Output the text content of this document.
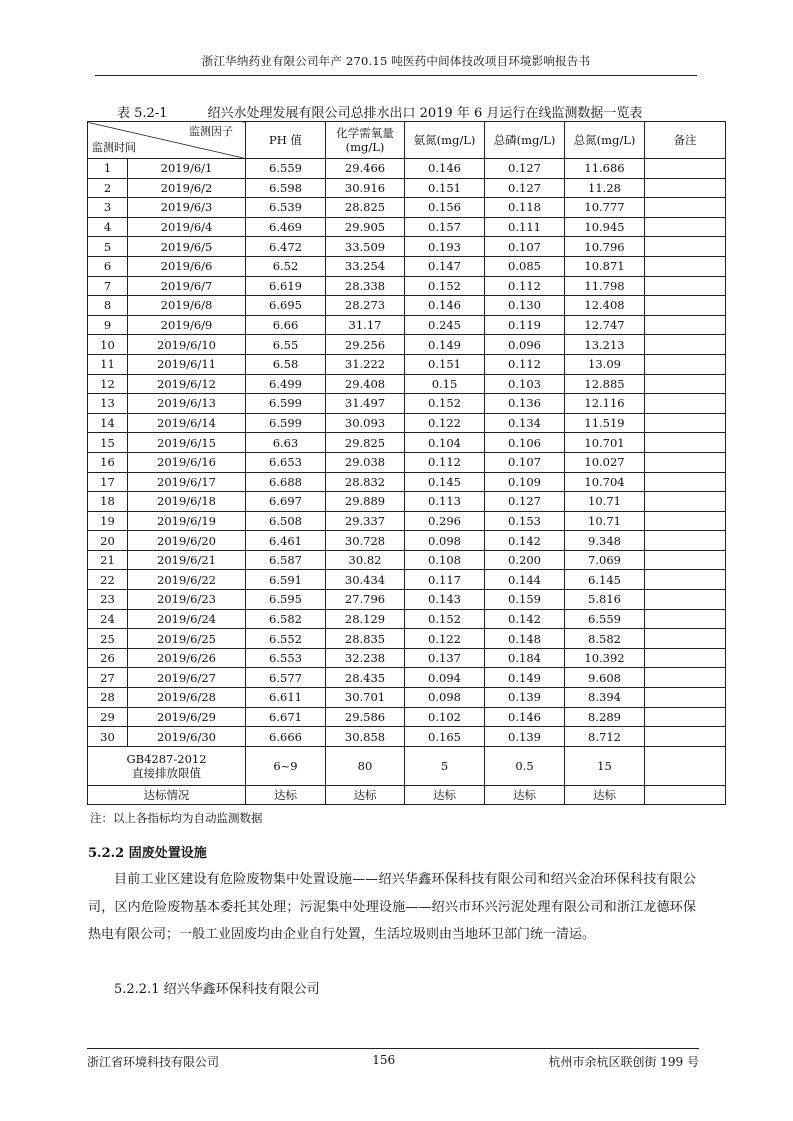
浙江华纳药业有限公司年产 270.15 吨医药中间体技改项目环境影响报告书
表 5.2-1	绍兴水处理发展有限公司总排水出口 2019 年 6 月运行在线监测数据一览表
监测因子
监测时间		PH 值	化学需氧量
(mg/L)	氨氮(mg/L)	总磷(mg/L)	总氮(mg/L)	备注
1	2019/6/1	6.559	29.466	0.146	0.127	11.686	
2	2019/6/2	6.598	30.916	0.151	0.127	11.28	
3	2019/6/3	6.539	28.825	0.156	0.118	10.777	
4	2019/6/4	6.469	29.905	0.157	0.111	10.945	
5	2019/6/5	6.472	33.509	0.193	0.107	10.796	
6	2019/6/6	6.52	33.254	0.147	0.085	10.871	
7	2019/6/7	6.619	28.338	0.152	0.112	11.798	
8	2019/6/8	6.695	28.273	0.146	0.130	12.408	
9	2019/6/9	6.66	31.17	0.245	0.119	12.747	
10	2019/6/10	6.55	29.256	0.149	0.096	13.213	
11	2019/6/11	6.58	31.222	0.151	0.112	13.09	
12	2019/6/12	6.499	29.408	0.15	0.103	12.885	
13	2019/6/13	6.599	31.497	0.152	0.136	12.116	
14	2019/6/14	6.599	30.093	0.122	0.134	11.519	
15	2019/6/15	6.63	29.825	0.104	0.106	10.701	
16	2019/6/16	6.653	29.038	0.112	0.107	10.027	
17	2019/6/17	6.688	28.832	0.145	0.109	10.704	
18	2019/6/18	6.697	29.889	0.113	0.127	10.71	
19	2019/6/19	6.508	29.337	0.296	0.153	10.71	
20	2019/6/20	6.461	30.728	0.098	0.142	9.348	
21	2019/6/21	6.587	30.82	0.108	0.200	7.069	
22	2019/6/22	6.591	30.434	0.117	0.144	6.145	
23	2019/6/23	6.595	27.796	0.143	0.159	5.816	
24	2019/6/24	6.582	28.129	0.152	0.142	6.559	
25	2019/6/25	6.552	28.835	0.122	0.148	8.582	
26	2019/6/26	6.553	32.238	0.137	0.184	10.392	
27	2019/6/27	6.577	28.435	0.094	0.149	9.608	
28	2019/6/28	6.611	30.701	0.098	0.139	8.394	
29	2019/6/29	6.671	29.586	0.102	0.146	8.289	
30	2019/6/30	6.666	30.858	0.165	0.139	8.712	
GB4287-2012
直接排放限值		6~9	80	5	0.5	15	
达标情况		达标	达标	达标	达标	达标	
注：以上各指标均为自动监测数据
5.2.2 固废处置设施
目前工业区建设有危险废物集中处置设施——绍兴华鑫环保科技有限公司和绍兴金冶环保科技有限公司，区内危险废物基本委托其处理；污泥集中处理设施——绍兴市环兴污泥处理有限公司和浙江龙德环保热电有限公司；一般工业固废均由企业自行处置，生活垃圾则由当地环卫部门统一清运。
5.2.2.1 绍兴华鑫环保科技有限公司
浙江省环境科技有限公司	156	杭州市余杭区联创街 199 号
